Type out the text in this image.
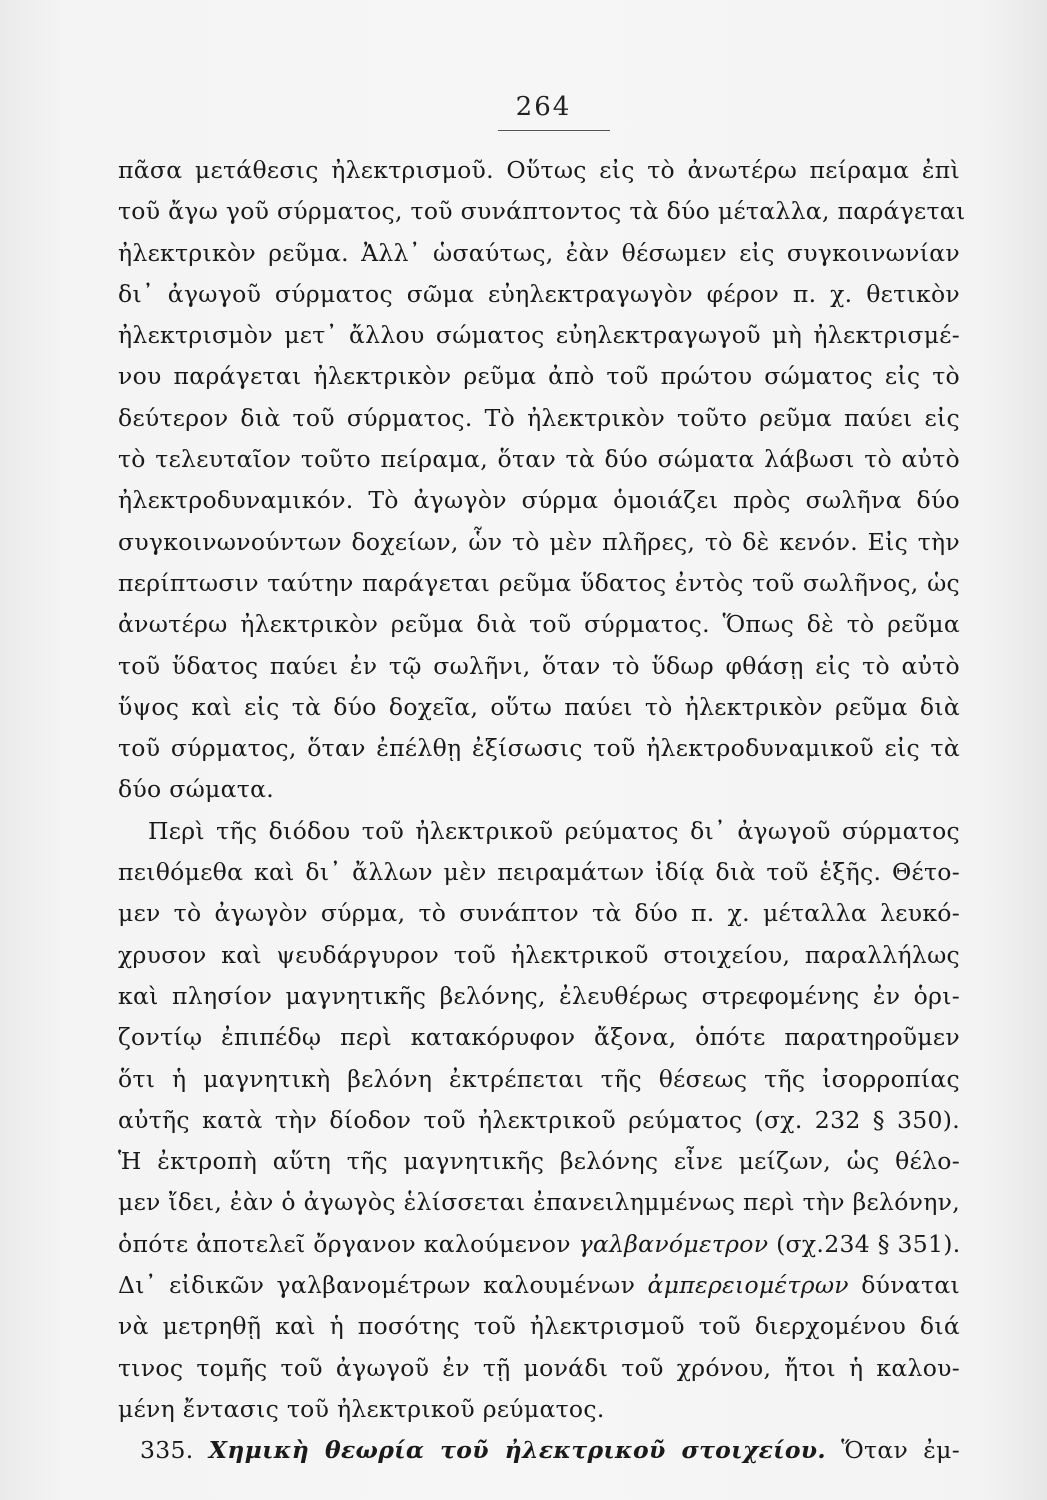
264
πᾶσα μετάθεσις ἠλεκτρισμοῦ. Οὕτως εἰς τὸ ἀνωτέρω πείραμα ἐπὶ
τοῦ ἄγω γοῦ σύρματος, τοῦ συνάπτοντος τὰ δύο μέταλλα, παράγεται
ἠλεκτρικὸν ρεῦμα. Ἀλλ᾿ ὡσαύτως, ἐὰν θέσωμεν εἰς συγκοινωνίαν
δι᾿ ἀγωγοῦ σύρματος σῶμα εὐηλεκτραγωγὸν φέρον π. χ. θετικὸν
ἠλεκτρισμὸν μετ᾿ ἄλλου σώματος εὐηλεκτραγωγοῦ μὴ ἠλεκτρισμέ-
νου παράγεται ἠλεκτρικὸν ρεῦμα ἀπὸ τοῦ πρώτου σώματος εἰς τὸ
δεύτερον διὰ τοῦ σύρματος. Τὸ ἠλεκτρικὸν τοῦτο ρεῦμα παύει εἰς
τὸ τελευταῖον τοῦτο πείραμα, ὅταν τὰ δύο σώματα λάβωσι τὸ αὐτὸ
ἠλεκτροδυναμικόν. Τὸ ἀγωγὸν σύρμα ὁμοιάζει πρὸς σωλῆνα δύο
συγκοινωνούντων δοχείων, ὧν τὸ μὲν πλῆρες, τὸ δὲ κενόν. Εἰς τὴν
περίπτωσιν ταύτην παράγεται ρεῦμα ὕδατος ἐντὸς τοῦ σωλῆνος, ὡς
ἀνωτέρω ἠλεκτρικὸν ρεῦμα διὰ τοῦ σύρματος. Ὅπως δὲ τὸ ρεῦμα
τοῦ ὕδατος παύει ἐν τῷ σωλῆνι, ὅταν τὸ ὕδωρ φθάσῃ εἰς τὸ αὐτὸ
ὕψος καὶ εἰς τὰ δύο δοχεῖα, οὕτω παύει τὸ ἠλεκτρικὸν ρεῦμα διὰ
τοῦ σύρματος, ὅταν ἐπέλθῃ ἐξίσωσις τοῦ ἠλεκτροδυναμικοῦ εἰς τὰ
δύο σώματα.
Περὶ τῆς διόδου τοῦ ἠλεκτρικοῦ ρεύματος δι᾿ ἀγωγοῦ σύρματος
πειθόμεθα καὶ δι᾿ ἄλλων μὲν πειραμάτων ἰδίᾳ διὰ τοῦ ἑξῆς. Θέτο-
μεν τὸ ἀγωγὸν σύρμα, τὸ συνάπτον τὰ δύο π. χ. μέταλλα λευκό-
χρυσον καὶ ψευδάργυρον τοῦ ἠλεκτρικοῦ στοιχείου, παραλλήλως
καὶ πλησίον μαγνητικῆς βελόνης, ἐλευθέρως στρεφομένης ἐν ὁρι-
ζοντίῳ ἐπιπέδῳ περὶ κατακόρυφον ἄξονα, ὁπότε παρατηροῦμεν
ὅτι ἡ μαγνητικὴ βελόνη ἐκτρέπεται τῆς θέσεως τῆς ἰσορροπίας
αὐτῆς κατὰ τὴν δίοδον τοῦ ἠλεκτρικοῦ ρεύματος (σχ. 232 § 350).
Ἡ ἐκτροπὴ αὕτη τῆς μαγνητικῆς βελόνης εἶνε μείζων, ὡς θέλο-
μεν ἴδει, ἐὰν ὁ ἀγωγὸς ἑλίσσεται ἐπανειλημμένως περὶ τὴν βελόνην,
ὁπότε ἀποτελεῖ ὄργανον καλούμενον γαλβανόμετρον (σχ.234 § 351).
Δι᾿ εἰδικῶν γαλβανομέτρων καλουμένων ἀμπερειομέτρων δύναται
νὰ μετρηθῇ καὶ ἡ ποσότης τοῦ ἠλεκτρισμοῦ τοῦ διερχομένου διά
τινος τομῆς τοῦ ἀγωγοῦ ἐν τῇ μονάδι τοῦ χρόνου, ἤτοι ἡ καλου-
μένη ἔντασις τοῦ ἠλεκτρικοῦ ρεύματος.
335. Χημικὴ θεωρία τοῦ ἠλεκτρικοῦ στοιχείου. Ὅταν ἐμ-
